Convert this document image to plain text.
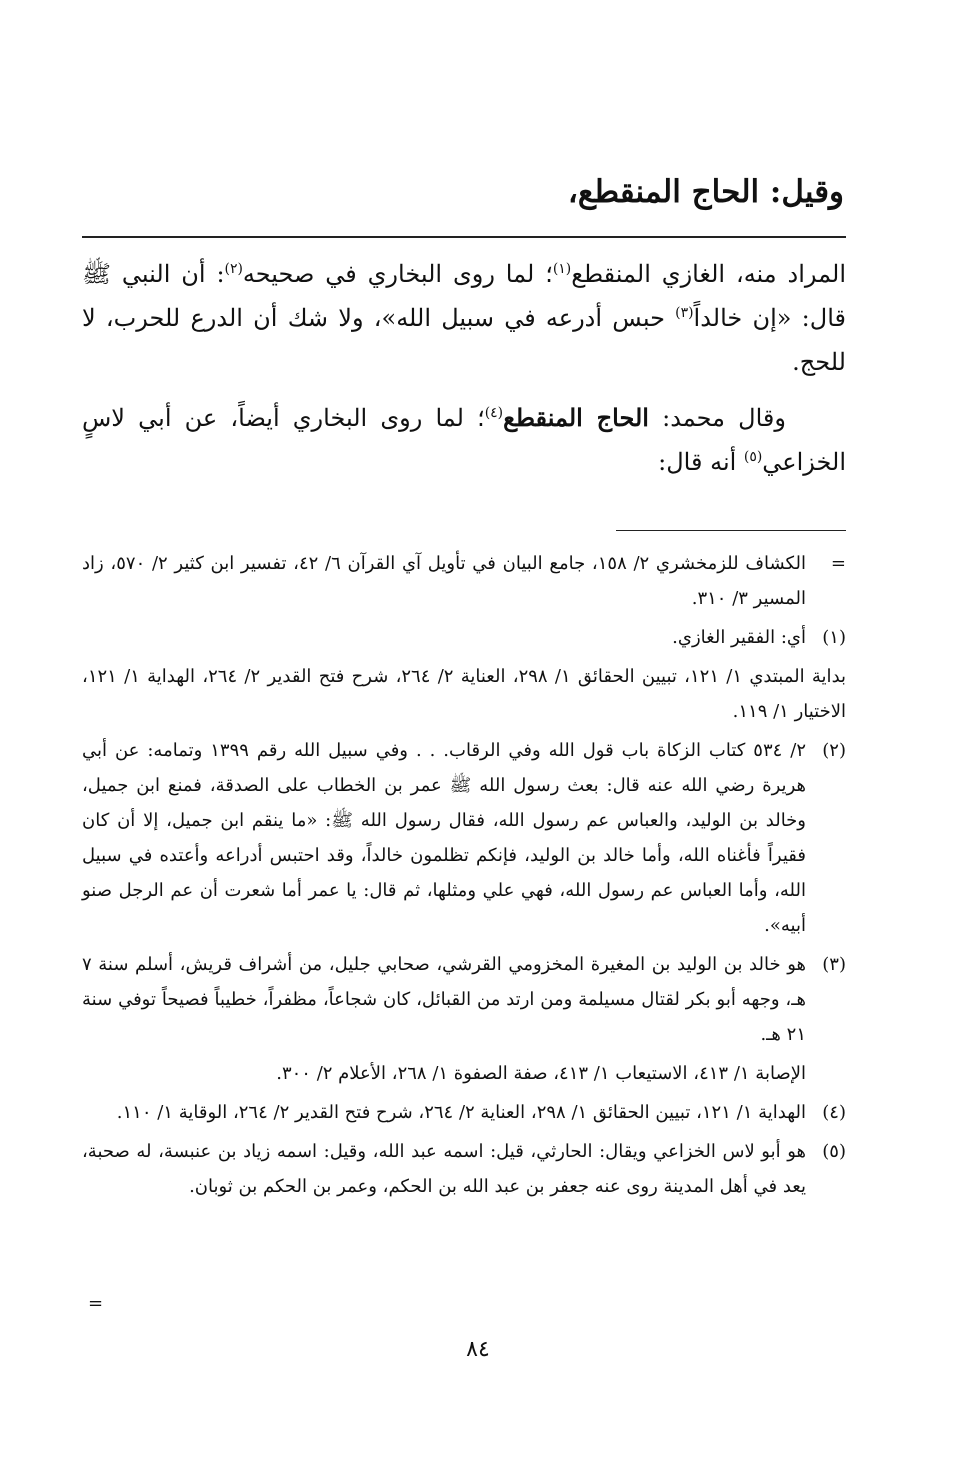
وقيل: الحاج المنقطع،

المراد منه، الغازي المنقطع$^{(١)}$؛ لما روى البخاري في صحيحه$^{(٢)}$: أن النبي ﷺ قال: «إن خالداً$^{(٣)}$ حبس أدرعه في سبيل الله»، ولا شك أن الدرع للحرب، لا للحج.

وقال محمد: الحاج المنقطع$^{(٤)}$؛ لما روى البخاري أيضاً، عن أبي لاسٍ الخزاعي$^{(٥)}$ أنه قال:

=
الكشاف للزمخشري ٢/ ١٥٨، جامع البيان في تأويل آي القرآن ٦/ ٤٢، تفسير ابن كثير ٢/ ٥٧٠، زاد المسير ٣/ ٣١٠.
(١)
أي: الفقير الغازي.
بداية المبتدي ١/ ١٢١، تبيين الحقائق ١/ ٢٩٨، العناية ٢/ ٢٦٤، شرح فتح القدير ٢/ ٢٦٤، الهداية ١/ ١٢١، الاختيار ١/ ١١٩.
(٢)
٢/ ٥٣٤ كتاب الزكاة باب قول الله وفي الرقاب. . . وفي سبيل الله رقم ١٣٩٩ وتمامه: عن أبي هريرة رضي الله عنه قال: بعث رسول الله ﷺ عمر بن الخطاب على الصدقة، فمنع ابن جميل، وخالد بن الوليد، والعباس عم رسول الله، فقال رسول الله ﷺ: «ما ينقم ابن جميل، إلا أن كان فقيراً فأغناه الله، وأما خالد بن الوليد، فإنكم تظلمون خالداً، وقد احتبس أدراعه وأعتده في سبيل الله، وأما العباس عم رسول الله، فهي علي ومثلها، ثم قال: يا عمر أما شعرت أن عم الرجل صنو أبيه».
(٣)
هو خالد بن الوليد بن المغيرة المخزومي القرشي، صحابي جليل، من أشراف قريش، أسلم سنة ٧ هـ، وجهه أبو بكر لقتال مسيلمة ومن ارتد من القبائل، كان شجاعاً، مظفراً، خطيباً فصيحاً توفي سنة ٢١ هـ.
الإصابة ١/ ٤١٣، الاستيعاب ١/ ٤١٣، صفة الصفوة ١/ ٢٦٨، الأعلام ٢/ ٣٠٠.
(٤)
الهداية ١/ ١٢١، تبيين الحقائق ١/ ٢٩٨، العناية ٢/ ٢٦٤، شرح فتح القدير ٢/ ٢٦٤، الوقاية ١/ ١١٠.
(٥)
هو أبو لاس الخزاعي ويقال: الحارثي، قيل: اسمه عبد الله، وقيل: اسمه زياد بن عنبسة، له صحبة، يعد في أهل المدينة روى عنه جعفر بن عبد الله بن الحكم، وعمر بن الحكم بن ثوبان.
=
٨٤
